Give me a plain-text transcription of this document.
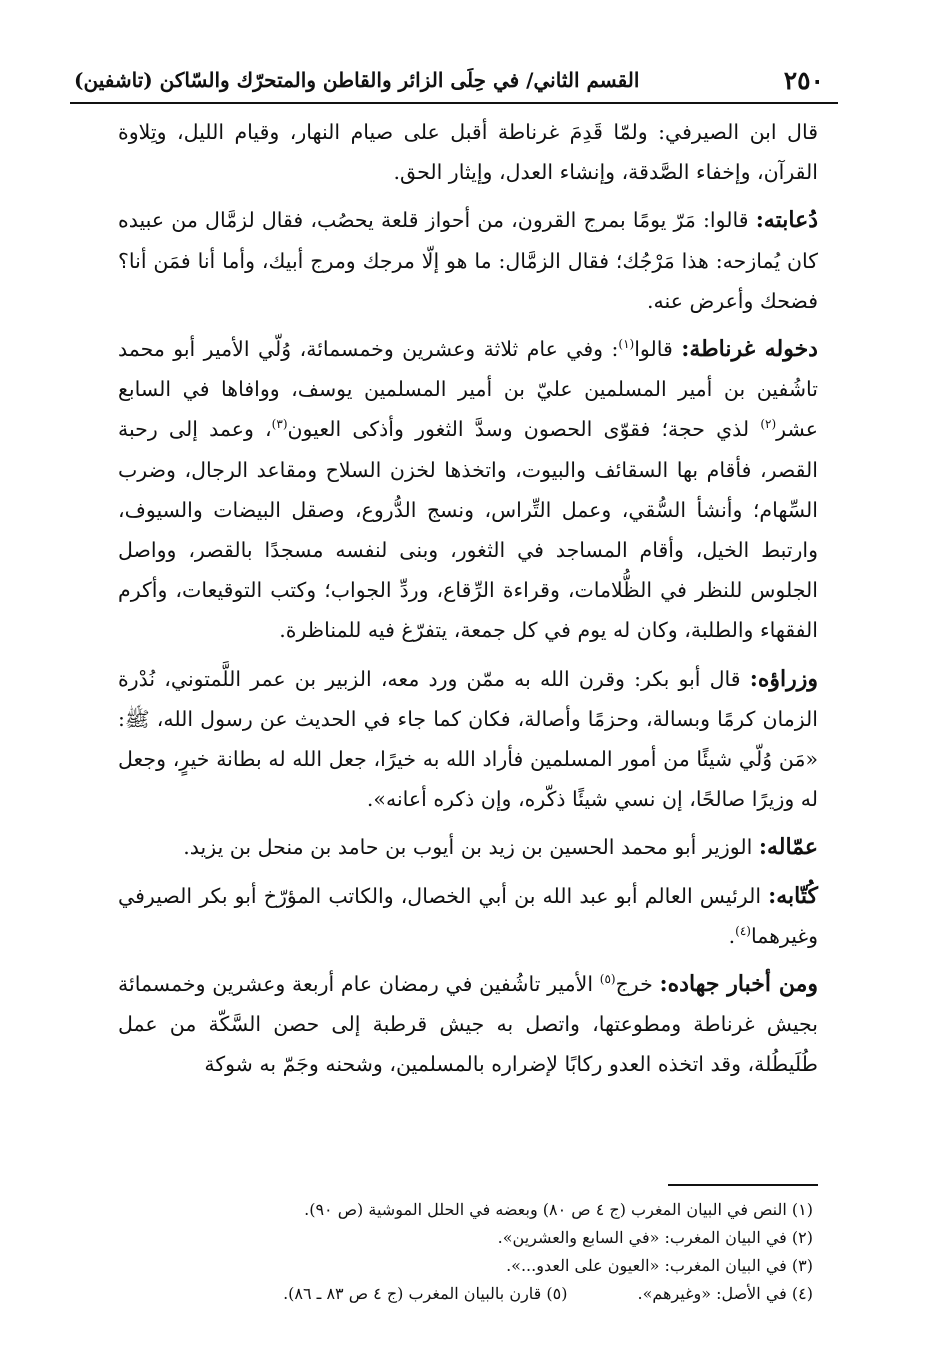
٢٥٠
القسم الثاني/ في حِلَى الزائر والقاطن والمتحرّك والسّاكن (تاشفين)

قال ابن الصيرفي: ولمّا قَدِمَ غرناطة أقبل على صيام النهار، وقيام الليل، وتِلاوة القرآن، وإخفاء الصَّدقة، وإنشاء العدل، وإيثار الحق.

دُعابته: قالوا: مَرّ يومًا بمرج القرون، من أحواز قلعة يحصُب، فقال لزمَّال من عبيده كان يُمازحه: هذا مَرْجُك؛ فقال الزمَّال: ما هو إلّا مرجك ومرج أبيك، وأما أنا فمَن أنا؟ فضحك وأعرض عنه.

دخوله غرناطة: قالوا$^{(١)}$: وفي عام ثلاثة وعشرين وخمسمائة، وُلّي الأمير أبو محمد تاشُفين بن أمير المسلمين عليّ بن أمير المسلمين يوسف، ووافاها في السابع عشر$^{(٢)}$ لذي حجة؛ فقوّى الحصون وسدَّ الثغور وأذكى العيون$^{(٣)}$، وعمد إلى رحبة القصر، فأقام بها السقائف والبيوت، واتخذها لخزن السلاح ومقاعد الرجال، وضرب السِّهام؛ وأنشأ السُّقي، وعمل التِّراس، ونسج الدُّروع، وصقل البيضات والسيوف، وارتبط الخيل، وأقام المساجد في الثغور، وبنى لنفسه مسجدًا بالقصر، وواصل الجلوس للنظر في الظُّلامات، وقراءة الرِّقاع، وردِّ الجواب؛ وكتب التوقيعات، وأكرم الفقهاء والطلبة، وكان له يوم في كل جمعة، يتفرّغ فيه للمناظرة.

وزراؤه: قال أبو بكر: وقرن الله به ممّن ورد معه، الزبير بن عمر اللَّمتوني، نُدْرة الزمان كرمًا وبسالة، وحزمًا وأصالة، فكان كما جاء في الحديث عن رسول الله، ﷺ: «مَن وُلّي شيئًا من أمور المسلمين فأراد الله به خيرًا، جعل الله له بطانة خيرٍ، وجعل له وزيرًا صالحًا، إن نسي شيئًا ذكّره، وإن ذكره أعانه».

عمّاله: الوزير أبو محمد الحسين بن زيد بن أيوب بن حامد بن منحل بن يزيد.

كُتّابه: الرئيس العالم أبو عبد الله بن أبي الخصال، والكاتب المؤرّخ أبو بكر الصيرفي وغيرهما$^{(٤)}$.

ومن أخبار جهاده: خرج$^{(٥)}$ الأمير تاشُفين في رمضان عام أربعة وعشرين وخمسمائة بجيش غرناطة ومطوعتها، واتصل به جيش قرطبة إلى حصن السَّكّة من عمل طُلَيطُلة، وقد اتخذه العدو ركابًا لإضراره بالمسلمين، وشحنه وجَمّ به شوكة

(١) النص في البيان المغرب (ج ٤ ص ٨٠) وبعضه في الحلل الموشية (ص ٩٠).
(٢) في البيان المغرب: «في السابع والعشرين».
(٣) في البيان المغرب: «العيون على العدو...».
(٤) في الأصل: «وغيرهم».
(٥) قارن بالبيان المغرب (ج ٤ ص ٨٣ ـ ٨٦).
